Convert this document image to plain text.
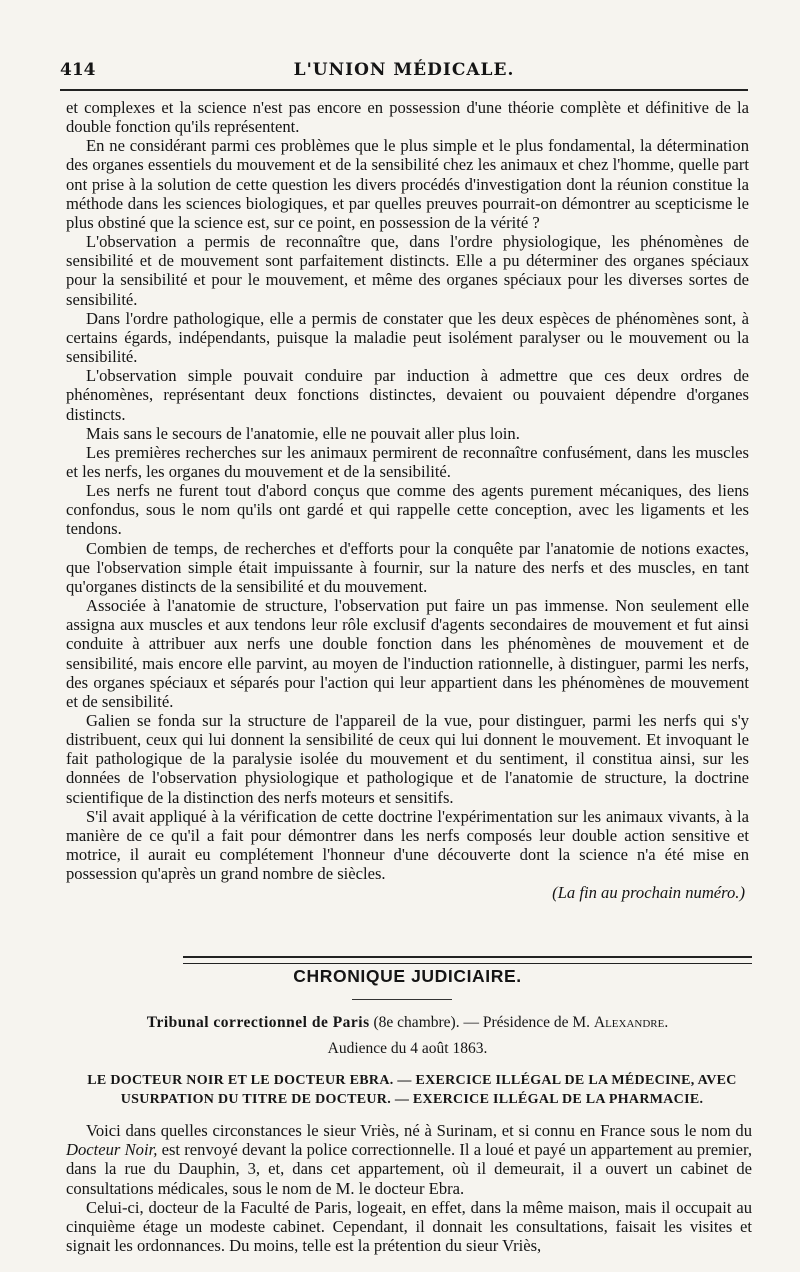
414	L'UNION MÉDICALE.

et complexes et la science n'est pas encore en possession d'une théorie complète et définitive de la double fonction qu'ils représentent.

En ne considérant parmi ces problèmes que le plus simple et le plus fondamental, la détermination des organes essentiels du mouvement et de la sensibilité chez les animaux et chez l'homme, quelle part ont prise à la solution de cette question les divers procédés d'investigation dont la réunion constitue la méthode dans les sciences biologiques, et par quelles preuves pourrait-on démontrer au scepticisme le plus obstiné que la science est, sur ce point, en possession de la vérité ?

L'observation a permis de reconnaître que, dans l'ordre physiologique, les phénomènes de sensibilité et de mouvement sont parfaitement distincts. Elle a pu déterminer des organes spéciaux pour la sensibilité et pour le mouvement, et même des organes spéciaux pour les diverses sortes de sensibilité.

Dans l'ordre pathologique, elle a permis de constater que les deux espèces de phénomènes sont, à certains égards, indépendants, puisque la maladie peut isolément paralyser ou le mouvement ou la sensibilité.

L'observation simple pouvait conduire par induction à admettre que ces deux ordres de phénomènes, représentant deux fonctions distinctes, devaient ou pouvaient dépendre d'organes distincts.

Mais sans le secours de l'anatomie, elle ne pouvait aller plus loin.

Les premières recherches sur les animaux permirent de reconnaître confusément, dans les muscles et les nerfs, les organes du mouvement et de la sensibilité.

Les nerfs ne furent tout d'abord conçus que comme des agents purement mécaniques, des liens confondus, sous le nom qu'ils ont gardé et qui rappelle cette conception, avec les ligaments et les tendons.

Combien de temps, de recherches et d'efforts pour la conquête par l'anatomie de notions exactes, que l'observation simple était impuissante à fournir, sur la nature des nerfs et des muscles, en tant qu'organes distincts de la sensibilité et du mouvement.

Associée à l'anatomie de structure, l'observation put faire un pas immense. Non seulement elle assigna aux muscles et aux tendons leur rôle exclusif d'agents secondaires de mouvement et fut ainsi conduite à attribuer aux nerfs une double fonction dans les phénomènes de mouvement et de sensibilité, mais encore elle parvint, au moyen de l'induction rationnelle, à distinguer, parmi les nerfs, des organes spéciaux et séparés pour l'action qui leur appartient dans les phénomènes de mouvement et de sensibilité.

Galien se fonda sur la structure de l'appareil de la vue, pour distinguer, parmi les nerfs qui s'y distribuent, ceux qui lui donnent la sensibilité de ceux qui lui donnent le mouvement. Et invoquant le fait pathologique de la paralysie isolée du mouvement et du sentiment, il constitua ainsi, sur les données de l'observation physiologique et pathologique et de l'anatomie de structure, la doctrine scientifique de la distinction des nerfs moteurs et sensitifs.

S'il avait appliqué à la vérification de cette doctrine l'expérimentation sur les animaux vivants, à la manière de ce qu'il a fait pour démontrer dans les nerfs composés leur double action sensitive et motrice, il aurait eu complétement l'honneur d'une découverte dont la science n'a été mise en possession qu'après un grand nombre de siècles.

(La fin au prochain numéro.)

CHRONIQUE JUDICIAIRE.
Tribunal correctionnel de Paris (8e chambre). — Présidence de M. Alexandre.
Audience du 4 août 1863.
LE DOCTEUR NOIR ET LE DOCTEUR EBRA. — EXERCICE ILLÉGAL DE LA MÉDECINE, AVEC
USURPATION DU TITRE DE DOCTEUR. — EXERCICE ILLÉGAL DE LA PHARMACIE.

Voici dans quelles circonstances le sieur Vriès, né à Surinam, et si connu en France sous le nom du Docteur Noir, est renvoyé devant la police correctionnelle. Il a loué et payé un appartement au premier, dans la rue du Dauphin, 3, et, dans cet appartement, où il demeurait, il a ouvert un cabinet de consultations médicales, sous le nom de M. le docteur Ebra.

Celui-ci, docteur de la Faculté de Paris, logeait, en effet, dans la même maison, mais il occupait au cinquième étage un modeste cabinet. Cependant, il donnait les consultations, faisait les visites et signait les ordonnances. Du moins, telle est la prétention du sieur Vriès,
